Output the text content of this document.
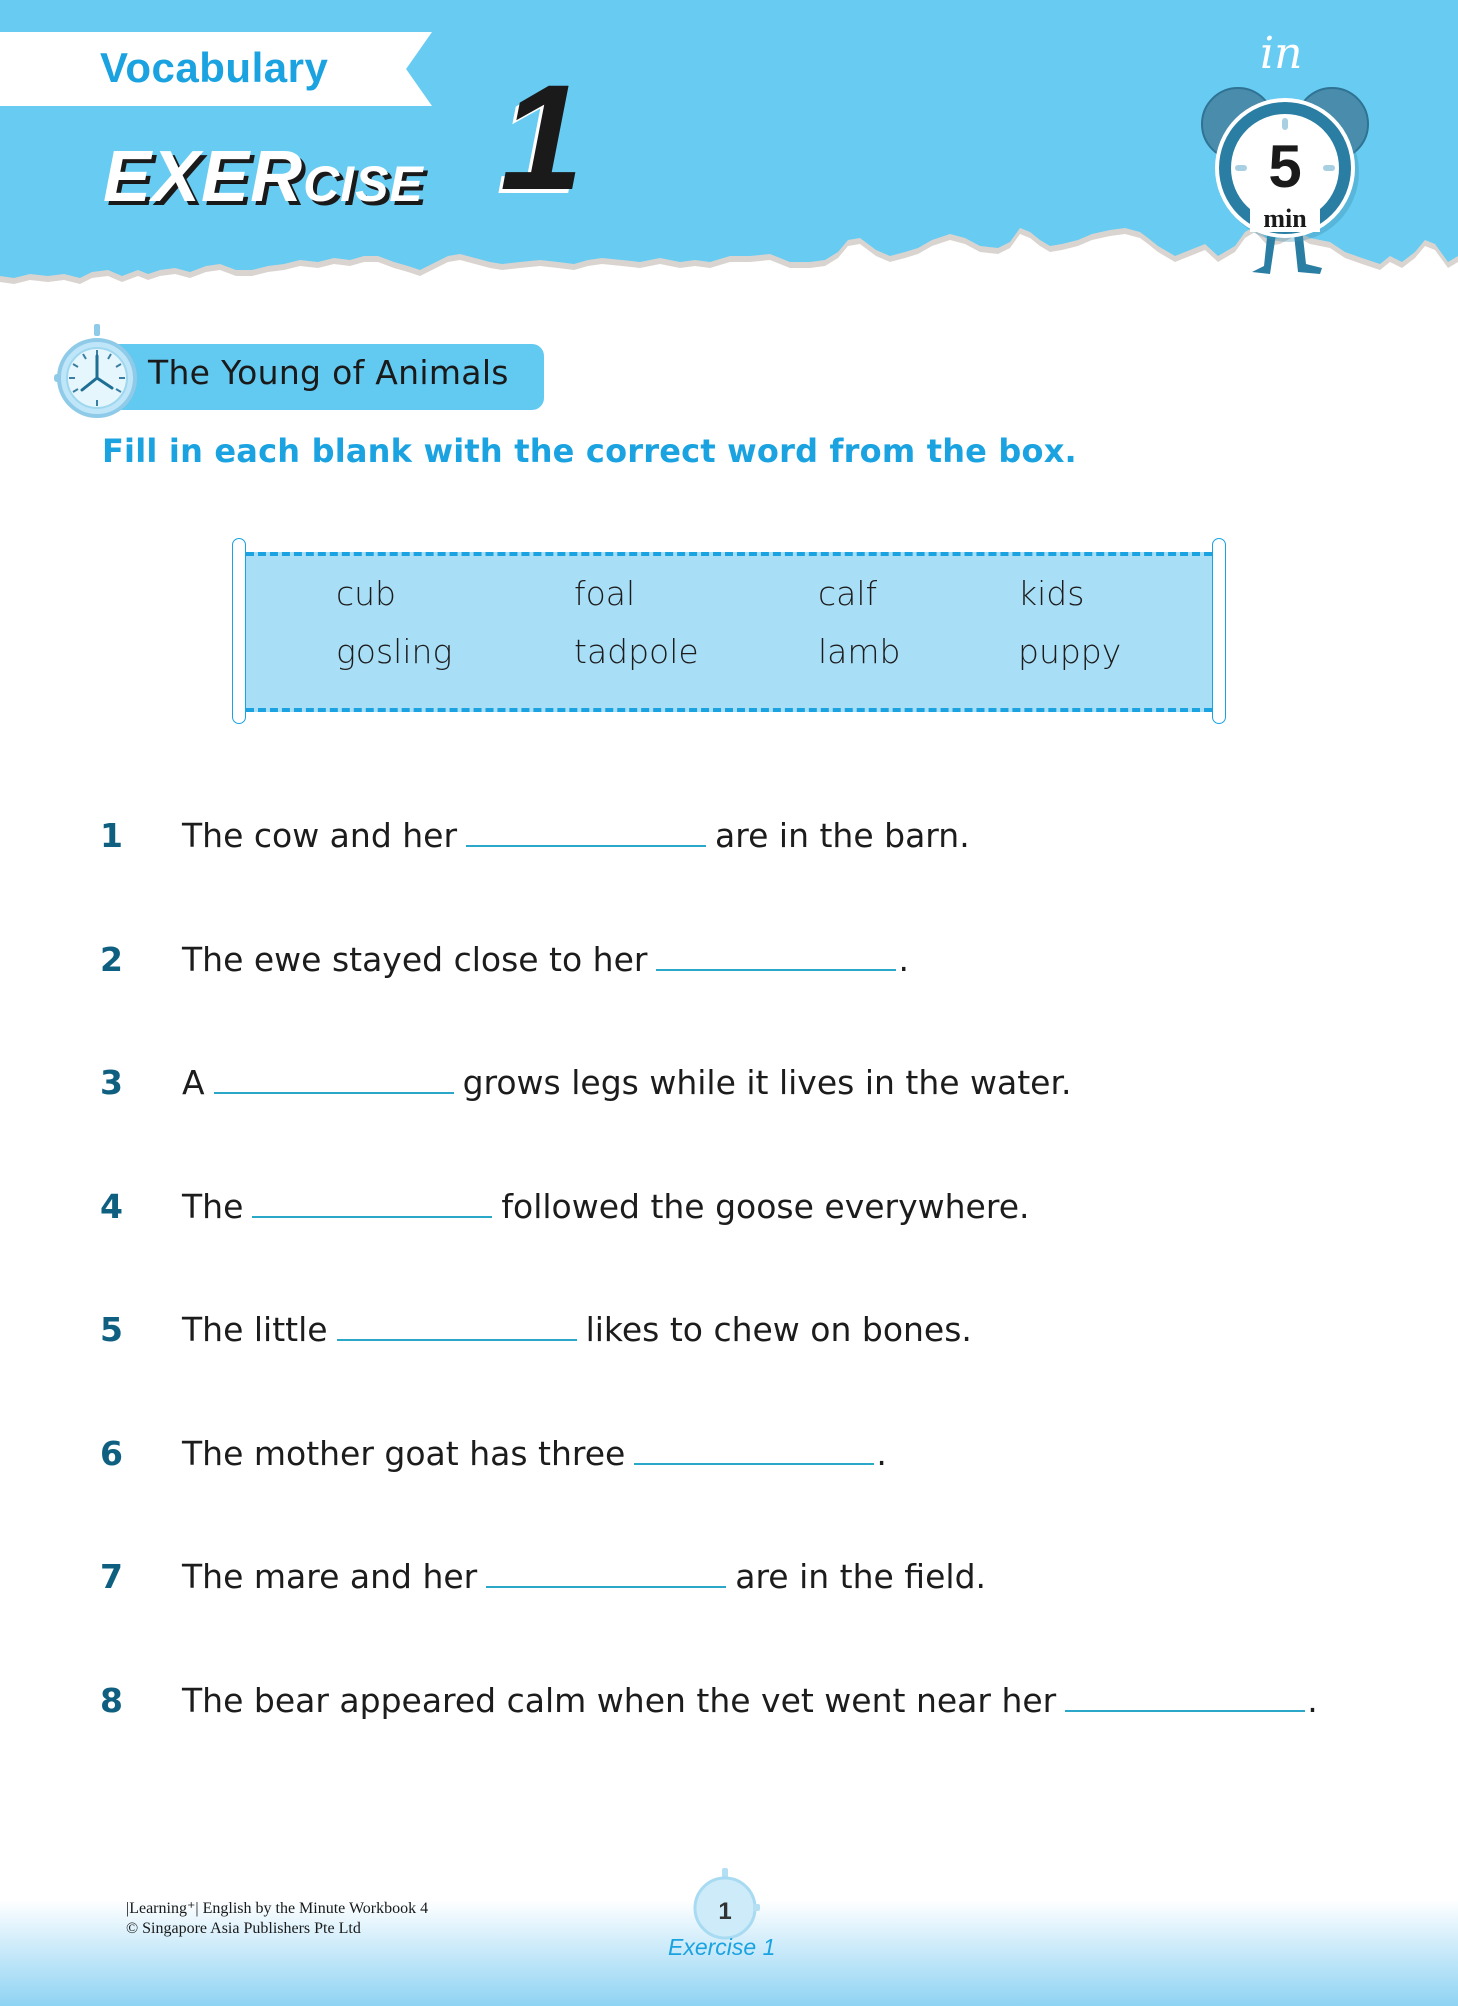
Vocabulary
EXERCISE 1	in
5
min
The Young of Animals
Fill in each blank with the correct word from the box.
cub	foal	calf	kids
gosling	tadpole	lamb	puppy
1 The cow and her	are in the barn.
2 The ewe stayed close to her	.
3 A	grows legs while it lives in the water.
4 The	followed the goose everywhere.
5 The little	likes to chew on bones.
6 The mother goat has three	.
7 The mare and her	are in the field.
8 The bear appeared calm when the vet went near her	.
|Learning⁺| English by the Minute Workbook 4
© Singapore Asia Publishers Pte Ltd
1
Exercise 1
